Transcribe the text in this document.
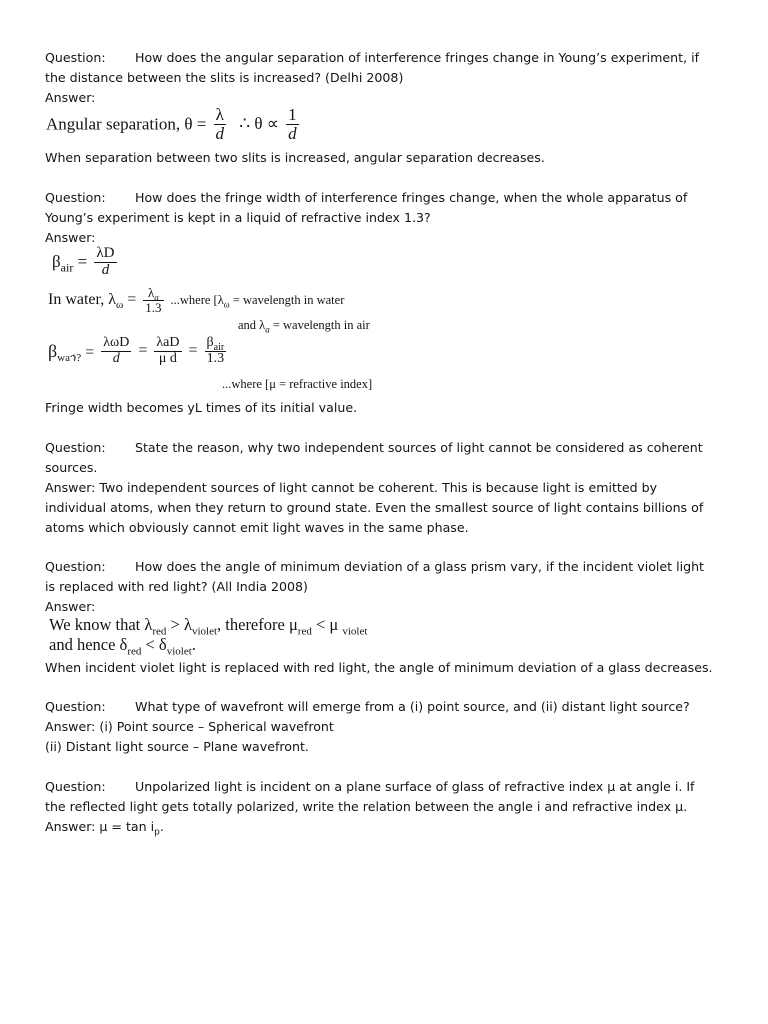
Question: How does the angular separation of interference fringes change in Young’s experiment, if
the distance between the slits is increased? (Delhi 2008)
Answer:
Angular separation, $\theta = \frac{\lambda}{d}$ ∴ $\theta \propto \frac{1}{d}$
When separation between two slits is increased, angular separation decreases.
Question: How does the fringe width of interference fringes change, when the whole apparatus of
Young’s experiment is kept in a liquid of refractive index 1.3?
Answer:
$\beta_{air} = \frac{\lambda D}{d}$
In water, $\lambda_\omega = \frac{\lambda_a}{1.3}$ ...where [$\lambda_\omega$ = wavelength in water
and $\lambda_a$ = wavelength in air
$\beta_{waኅ?} = \frac{\text{λωD}}{d} = \frac{\text{λaD}}{\text{μ d}} = \frac{\beta_{air}}{1.3}$
...where [μ = refractive index]
Fringe width becomes yL times of its initial value.
Question: State the reason, why two independent sources of light cannot be considered as coherent
sources.
Answer: Two independent sources of light cannot be coherent. This is because light is emitted by
individual atoms, when they return to ground state. Even the smallest source of light contains billions of
atoms which obviously cannot emit light waves in the same phase.
Question: How does the angle of minimum deviation of a glass prism vary, if the incident violet light
is replaced with red light? (All India 2008)
Answer:
We know that $\lambda_{red} > \lambda_{violet}$, therefore $\mu_{red} < \mu$ $_{violet}$
and hence $\delta_{red} < \delta_{violet}$.
When incident violet light is replaced with red light, the angle of minimum deviation of a glass decreases.
Question: What type of wavefront will emerge from a (i) point source, and (ii) distant light source?
Answer: (i) Point source – Spherical wavefront
(ii) Distant light source – Plane wavefront.
Question: Unpolarized light is incident on a plane surface of glass of refractive index μ at angle i. If
the reflected light gets totally polarized, write the relation between the angle i and refractive index μ.
Answer: $\mu = \tan i_p$.
